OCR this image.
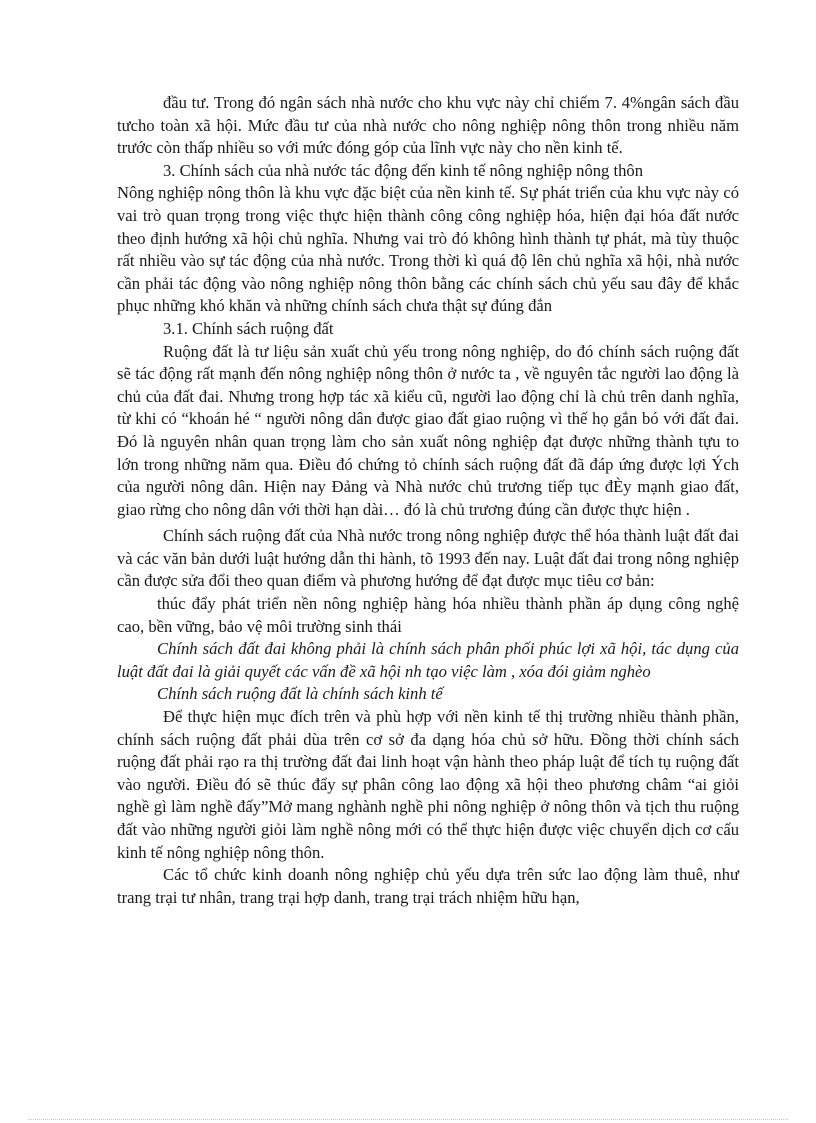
đầu tư. Trong đó ngân sách nhà nước cho khu vực này chỉ chiếm 7. 4%ngân sách đầu tưcho toàn xã hội. Mức đầu tư của nhà nước cho nông nghiệp nông thôn trong nhiều năm trước còn thấp nhiều so với mức đóng góp của lĩnh vực này cho nền kinh tế.

3. Chính sách của nhà nước tác động đến kinh tế nông nghiệp nông thôn

Nông nghiệp nông thôn là khu vực đặc biệt của nền kinh tế. Sự phát triển của khu vực này có vai trò quan trọng trong việc thực hiện thành công công nghiệp hóa, hiện đại hóa đất nước theo định hướng xã hội chủ nghĩa. Nhưng vai trò đó không hình thành tự phát, mà tùy thuộc rất nhiều vào sự tác động của nhà nước. Trong thời kì quá độ lên chủ nghĩa xã hội, nhà nước cần phải tác động vào nông nghiệp nông thôn bằng các chính sách chủ yếu sau đây để khắc phục những khó khăn và những chính sách chưa thật sự đúng đắn

3.1. Chính sách ruộng đất

Ruộng đất là tư liệu sản xuất chủ yếu trong nông nghiệp, do đó chính sách ruộng đất sẽ tác động rất mạnh đến nông nghiệp nông thôn ở nước ta , về nguyên tắc người lao động là chủ của đất đai. Nhưng trong hợp tác xã kiểu cũ, người lao động chỉ là chủ trên danh nghĩa, từ khi có “khoán hé “ người nông dân được giao đất giao ruộng vì thế họ gắn bó với đất đai. Đó là nguyên nhân quan trọng làm cho sản xuất nông nghiệp đạt được những thành tựu to lớn trong những năm qua. Điều đó chứng tỏ chính sách ruộng đất đã đáp ứng được lợi Ých của người nông dân. Hiện nay Đảng và Nhà nước chủ trương tiếp tục đÈy mạnh giao đất, giao rừng cho nông dân với thời hạn dài… đó là chủ trương đúng cần được thực hiện .

Chính sách ruộng đất của Nhà nước trong nông nghiệp được thể hóa thành luật đất đai và các văn bản dưới luật hướng dẫn thi hành, tõ 1993 đến nay. Luật đất đai trong nông nghiệp cần được sửa đổi theo quan điểm và phương hướng để đạt được mục tiêu cơ bản:

thúc đẩy phát triển nền nông nghiệp hàng hóa nhiều thành phần áp dụng công nghệ cao, bền vững, bảo vệ môi trường sinh thái

Chính sách đất đai không phải là chính sách phân phối phúc lợi xã hội, tác dụng của luật đất đai là giải quyết các vấn đề xã hội nh tạo việc làm , xóa đói giảm nghèo

Chính sách ruộng đất là chính sách kinh tế

Để thực hiện mục đích trên và phù hợp với nền kinh tế thị trường nhiều thành phần, chính sách ruộng đất phải dùa trên cơ sở đa dạng hóa chủ sở hữu. Đồng thời chính sách ruộng đất phải rạo ra thị trường đất đai linh hoạt vận hành theo pháp luật để tích tụ ruộng đất vào người. Điều đó sẽ thúc đẩy sự phân công lao động xã hội theo phương châm “ai giỏi nghề gì làm nghề đấy”Mở mang nghành nghề phi nông nghiệp ở nông thôn và tịch thu ruộng đất vào những người giỏi làm nghề nông mới có thể thực hiện được việc chuyển dịch cơ cấu kinh tế nông nghiệp nông thôn.

Các tổ chức kinh doanh nông nghiệp chủ yếu dựa trên sức lao động làm thuê, như trang trại tư nhân, trang trại hợp danh, trang trại trách nhiệm hữu hạn,
